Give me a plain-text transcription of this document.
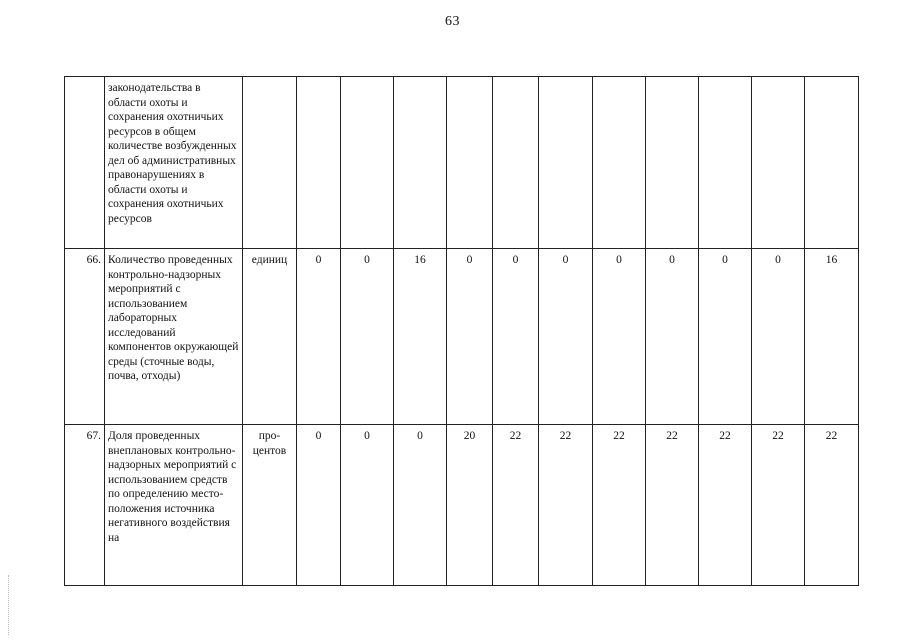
63
	законодательства в области охоты и сохранения охотничьих ресурсов в общем количестве возбужденных дел об административных правонарушениях в области охоты и сохранения охотничьих ресурсов												
66.	Количество проведенных контрольно-надзорных мероприятий с использованием лабораторных исследований компонентов окружающей среды (сточные воды, почва, отходы)	единиц	0	0	16	0	0	0	0	0	0	0	16
67.	Доля проведенных внеплановых контрольно-надзорных мероприятий с использованием средств по определению место-положения источника негативного воздействия на	про-центов	0	0	0	20	22	22	22	22	22	22	22
